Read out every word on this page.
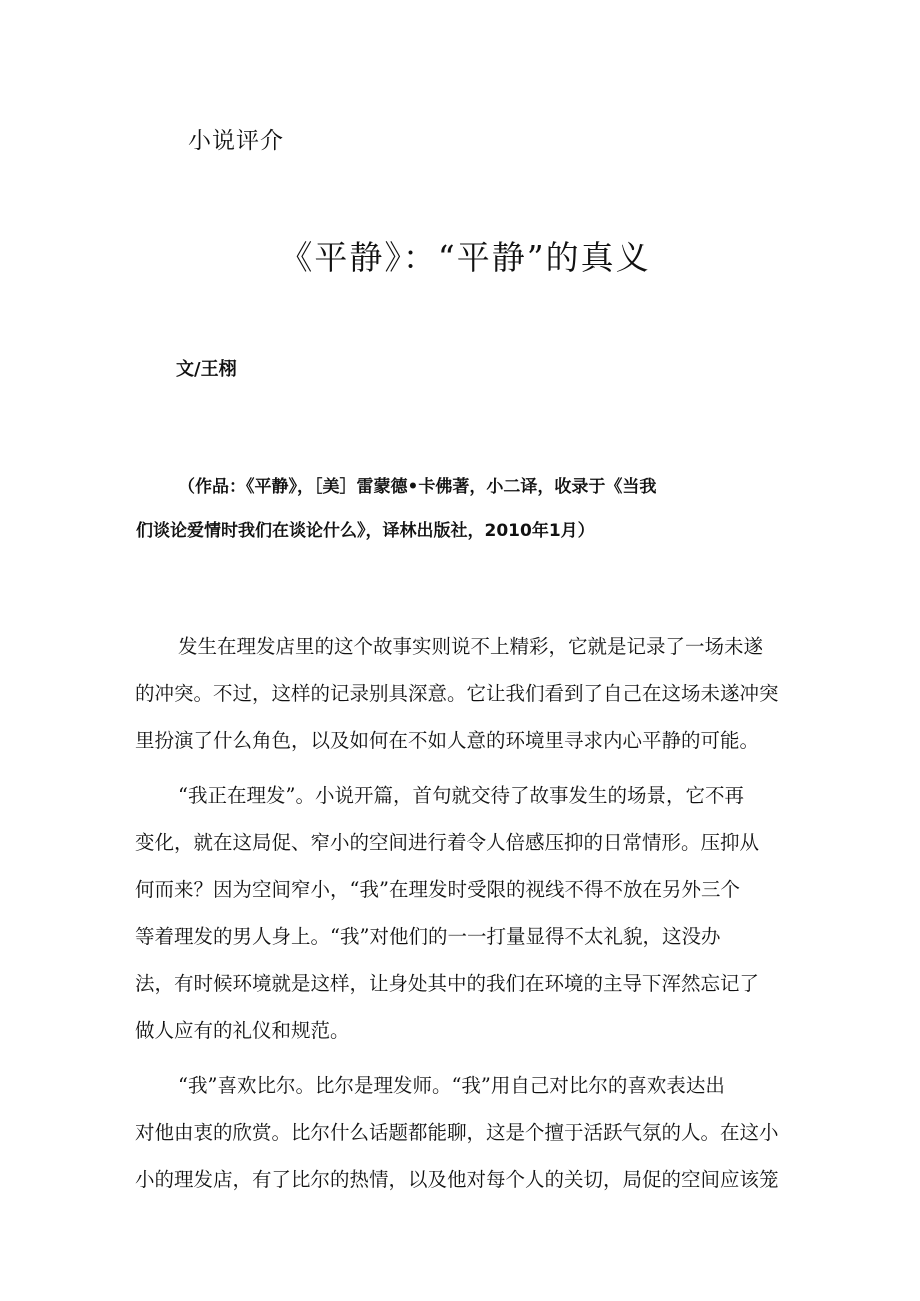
小说评介
《平静》：“平静”的真义
文/王栩
（作品：《平静》，［美］雷蒙德•卡佛著，小二译，收录于《当我
们谈论爱情时我们在谈论什么》，译林出版社，2010年1月）
发生在理发店里的这个故事实则说不上精彩，它就是记录了一场未遂
的冲突。不过，这样的记录别具深意。它让我们看到了自己在这场未遂冲突
里扮演了什么角色，以及如何在不如人意的环境里寻求内心平静的可能。
“我正在理发”。小说开篇，首句就交待了故事发生的场景，它不再
变化，就在这局促、窄小的空间进行着令人倍感压抑的日常情形。压抑从
何而来？因为空间窄小，“我”在理发时受限的视线不得不放在另外三个
等着理发的男人身上。“我”对他们的一一打量显得不太礼貌，这没办
法，有时候环境就是这样，让身处其中的我们在环境的主导下浑然忘记了
做人应有的礼仪和规范。
“我”喜欢比尔。比尔是理发师。“我”用自己对比尔的喜欢表达出
对他由衷的欣赏。比尔什么话题都能聊，这是个擅于活跃气氛的人。在这小
小的理发店，有了比尔的热情，以及他对每个人的关切，局促的空间应该笼
